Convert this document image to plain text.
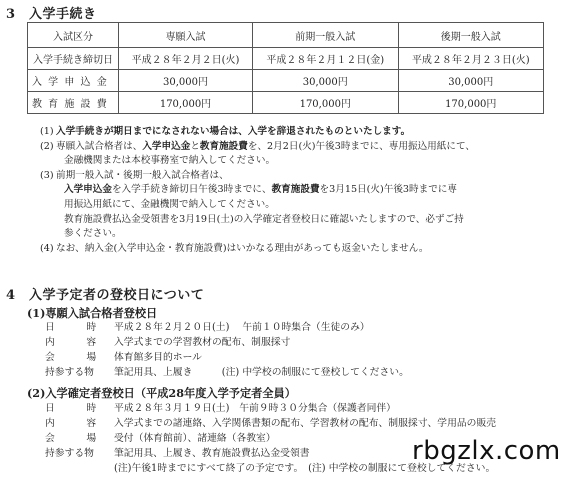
3　入学手続き
入試区分	専願入試	前期一般入試	後期一般入試
入学手続き締切日	平成２８年２月２日(火)	平成２８年２月１２日(金)	平成２８年２月２３日(火)
入 学 申 込 金	30,000円	30,000円	30,000円
教 育 施 設 費	170,000円	170,000円	170,000円
(1) 入学手続きが期日までになされない場合は、入学を辞退されたものといたします。
(2) 専願入試合格者は、入学申込金と教育施設費を、2月2日(火)午後3時までに、専用振込用紙にて、
金融機関または本校事務室で納入してください。
(3) 前期一般入試・後期一般入試合格者は、
入学申込金を入学手続き締切日午後3時までに、教育施設費を3月15日(火)午後3時までに専
用振込用紙にて、金融機関で納入してください。
教育施設費払込金受領書を3月19日(土)の入学確定者登校日に確認いたしますので、必ずご持
参ください。
(4) なお、納入金(入学申込金・教育施設費)はいかなる理由があっても返金いたしません。
4　入学予定者の登校日について
(1)専願入試合格者登校日
日　　時	平成２８年２月２０日(土)　 午前１０時集合（生徒のみ）
内　　容	入学式までの学習教材の配布、制服採寸
会　　場	体育館多目的ホール
持参する物	筆記用具、上履き　　　(注) 中学校の制服にて登校してください。
(2)入学確定者登校日（平成28年度入学予定者全員）
日　　時	平成２８年３月１９日(土)　午前９時３０分集合（保護者同伴）
内　　容	入学式までの諸連絡、入学関係書類の配布、学習教材の配布、制服採寸、学用品の販売
会　　場	受付（体育館前）、諸連絡（各教室）
持参する物	筆記用具、上履き、教育施設費払込金受領書
(注)午後1時までにすべて終了の予定です。　(注) 中学校の制服にて登校してください。
rbgzlx.com
